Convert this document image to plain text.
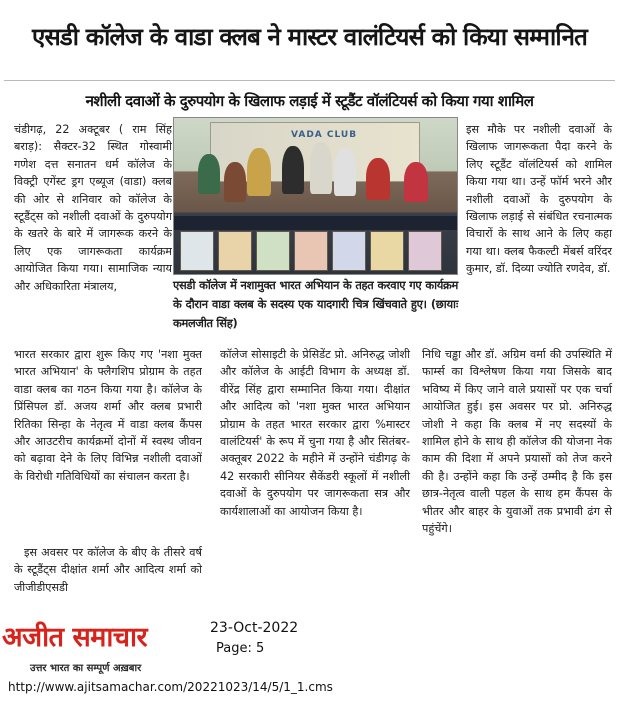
एसडी कॉलेज के वाडा क्लब ने मास्टर वालंटियर्स को किया सम्मानित
नशीली दवाओं के दुरुपयोग के खिलाफ लड़ाई में स्टूडैंट वॉलंटियर्स को किया गया शामिल

चंडीगढ़, 22 अक्टूबर ( राम सिंह बराड़): सैक्टर-32 स्थित गोस्वामी गणेश दत्त सनातन धर्म कॉलेज के विक्ट्री एगेंस्ट ड्रग एब्यूज (वाडा) क्लब की ओर से शनिवार को कॉलेज के स्टूडैंट्स को नशीली दवाओं के दुरुपयोग के खतरे के बारे में जागरूक करने के लिए एक जागरूकता कार्यक्रम आयोजित किया गया। सामाजिक न्याय और अधिकारिता मंत्रालय,

भारत सरकार द्वारा शुरू किए गए 'नशा मुक्त भारत अभियान' के फ्लैगशिप प्रोग्राम के तहत वाडा क्लब का गठन किया गया है। कॉलेज के प्रिंसिपल डॉ. अजय शर्मा और क्लब प्रभारी रितिका सिन्हा के नेतृत्व में वाडा क्लब कैंपस और आउटरीच कार्यक्रमों दोनों में स्वस्थ जीवन को बढ़ावा देने के लिए विभिन्न नशीली दवाओं के विरोधी गतिविधियों का संचालन करता है।

इस अवसर पर कॉलेज के बीए के तीसरे वर्ष के स्टूडैंट्स दीक्षांत शर्मा और आदित्य शर्मा को जीजीडीएसडी

VADA CLUB
एसडी कॉलेज में नशामुक्त भारत अभियान के तहत करवाए गए कार्यक्रम के दौरान वाडा क्लब के सदस्य एक यादगारी चित्र खिंचवाते हुए। (छायाः कमलजीत सिंह)

कॉलेज सोसाइटी के प्रेसिडेंट प्रो. अनिरुद्ध जोशी और कॉलेज के आईटी विभाग के अध्यक्ष डॉ. वीरेंद्र सिंह द्वारा सम्मानित किया गया। दीक्षांत और आदित्य को 'नशा मुक्त भारत अभियान प्रोग्राम के तहत भारत सरकार द्वारा %मास्टर वालंटियर्स' के रूप में चुना गया है और सितंबर-अक्तूबर 2022 के महीने में उन्होंने चंडीगढ़ के 42 सरकारी सीनियर सैकेंडरी स्कूलों में नशीली दवाओं के दुरुपयोग पर जागरूकता सत्र और कार्यशालाओं का आयोजन किया है।

इस मौके पर नशीली दवाओं के खिलाफ जागरूकता पैदा करने के लिए स्टूडैंट वॉलंटियर्स को शामिल किया गया था। उन्हें फॉर्म भरने और नशीली दवाओं के दुरुपयोग के खिलाफ लड़ाई से संबंधित रचनात्मक विचारों के साथ आने के लिए कहा गया था। क्लब फैकल्टी मेंबर्स वरिंदर कुमार, डॉ. दिव्या ज्योति रणदेव, डॉ.

निधि चड्ढा और डॉ. अग्रिम वर्मा की उपस्थिति में फार्म्स का विश्लेषण किया गया जिसके बाद भविष्य में किए जाने वाले प्रयासों पर एक चर्चा आयोजित हुई। इस अवसर पर प्रो. अनिरुद्ध जोशी ने कहा कि क्लब में नए सदस्यों के शामिल होने के साथ ही कॉलेज की योजना नेक काम की दिशा में अपने प्रयासों को तेज करने की है। उन्होंने कहा कि उन्हें उम्मीद है कि इस छात्र-नेतृत्व वाली पहल के साथ हम कैंपस के भीतर और बाहर के युवाओं तक प्रभावी ढंग से पहुंचेंगे।

अजीत समाचार
उत्तर भारत का सम्पूर्ण अख़बार
23-Oct-2022
Page: 5
http://www.ajitsamachar.com/20221023/14/5/1_1.cms
